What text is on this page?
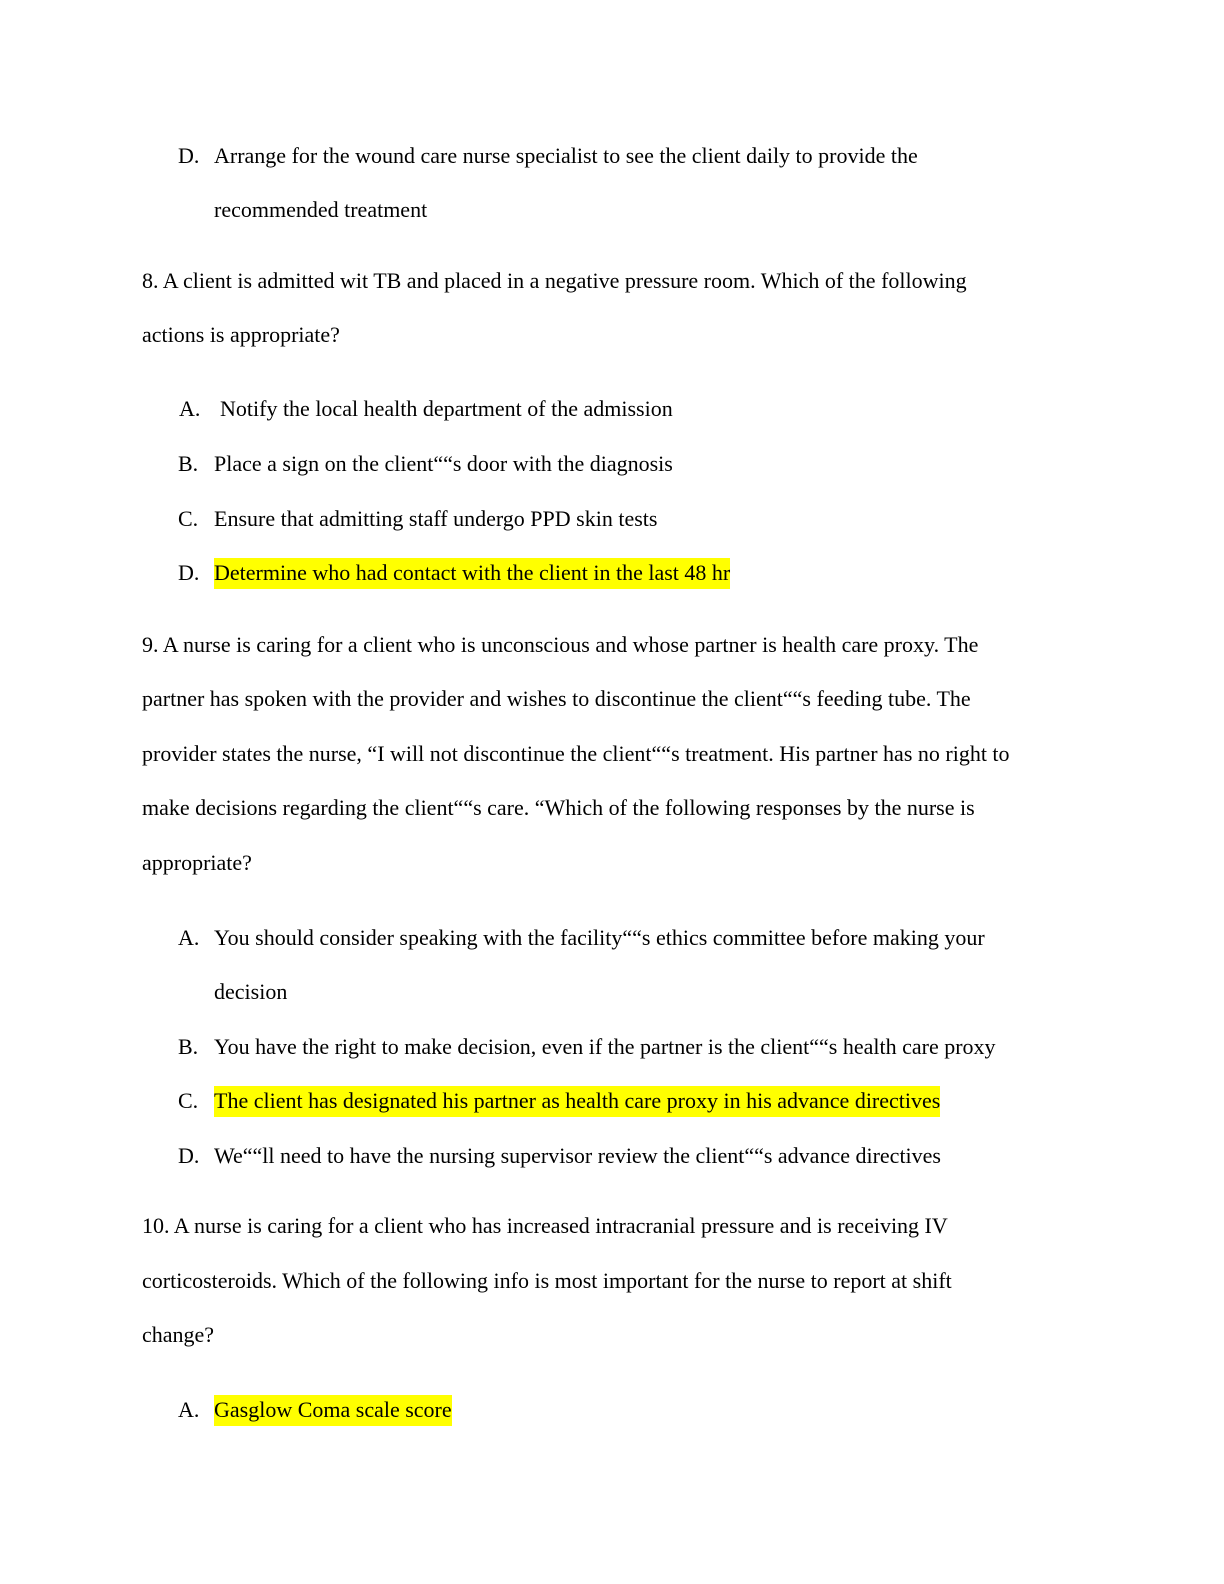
D. Arrange for the wound care nurse specialist to see the client daily to provide the
recommended treatment
8. A client is admitted wit TB and placed in a negative pressure room. Which of the following
actions is appropriate?
A. Notify the local health department of the admission
B. Place a sign on the client““s door with the diagnosis
C. Ensure that admitting staff undergo PPD skin tests
D. Determine who had contact with the client in the last 48 hr
9. A nurse is caring for a client who is unconscious and whose partner is health care proxy. The
partner has spoken with the provider and wishes to discontinue the client““s feeding tube. The
provider states the nurse, “I will not discontinue the client““s treatment. His partner has no right to
make decisions regarding the client““s care. “Which of the following responses by the nurse is
appropriate?
A. You should consider speaking with the facility““s ethics committee before making your
decision
B. You have the right to make decision, even if the partner is the client““s health care proxy
C. The client has designated his partner as health care proxy in his advance directives
D. We““ll need to have the nursing supervisor review the client““s advance directives
10. A nurse is caring for a client who has increased intracranial pressure and is receiving IV
corticosteroids. Which of the following info is most important for the nurse to report at shift
change?
A. Gasglow Coma scale score
